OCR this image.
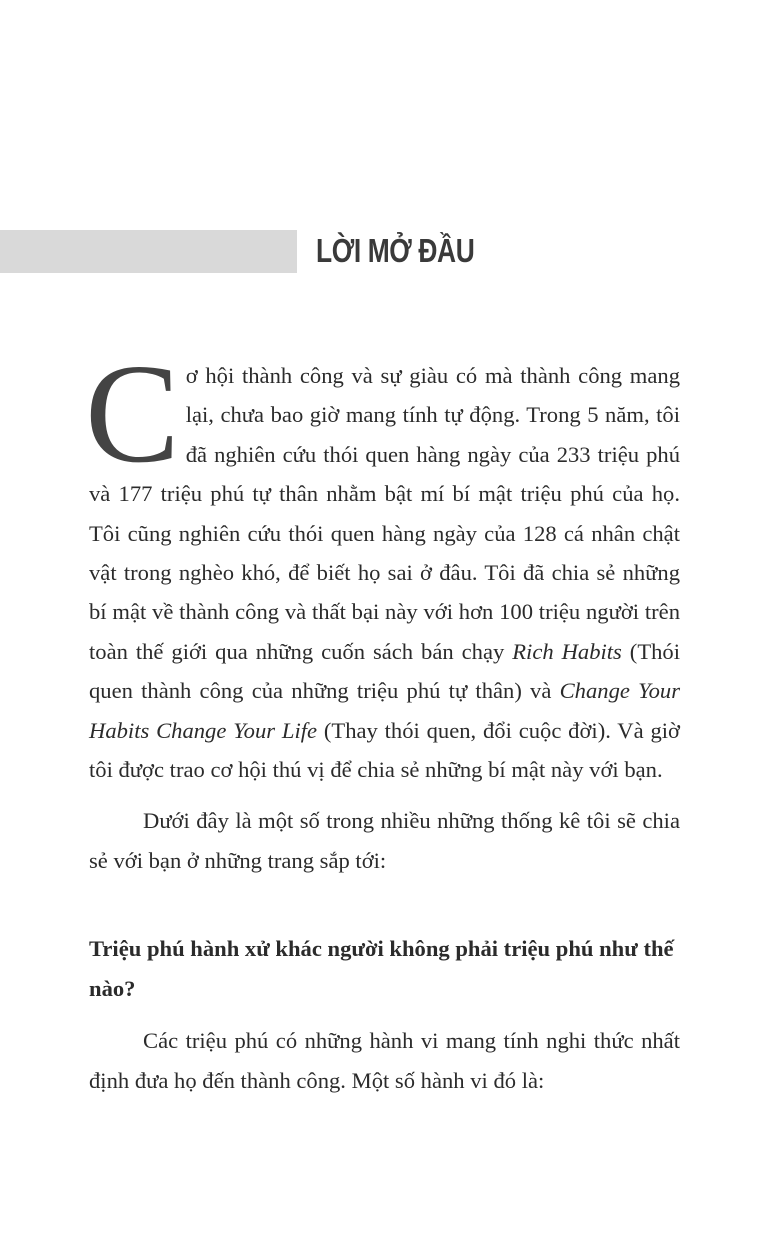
LỜI MỞ ĐẦU

Cơ hội thành công và sự giàu có mà thành công mang lại, chưa bao giờ mang tính tự động. Trong 5 năm, tôi đã nghiên cứu thói quen hàng ngày của 233 triệu phú và 177 triệu phú tự thân nhằm bật mí bí mật triệu phú của họ. Tôi cũng nghiên cứu thói quen hàng ngày của 128 cá nhân chật vật trong nghèo khó, để biết họ sai ở đâu. Tôi đã chia sẻ những bí mật về thành công và thất bại này với hơn 100 triệu người trên toàn thế giới qua những cuốn sách bán chạy Rich Habits (Thói quen thành công của những triệu phú tự thân) và Change Your Habits Change Your Life (Thay thói quen, đổi cuộc đời). Và giờ tôi được trao cơ hội thú vị để chia sẻ những bí mật này với bạn.

Dưới đây là một số trong nhiều những thống kê tôi sẽ chia sẻ với bạn ở những trang sắp tới:

Triệu phú hành xử khác người không phải triệu phú như thế nào?

Các triệu phú có những hành vi mang tính nghi thức nhất định đưa họ đến thành công. Một số hành vi đó là:
